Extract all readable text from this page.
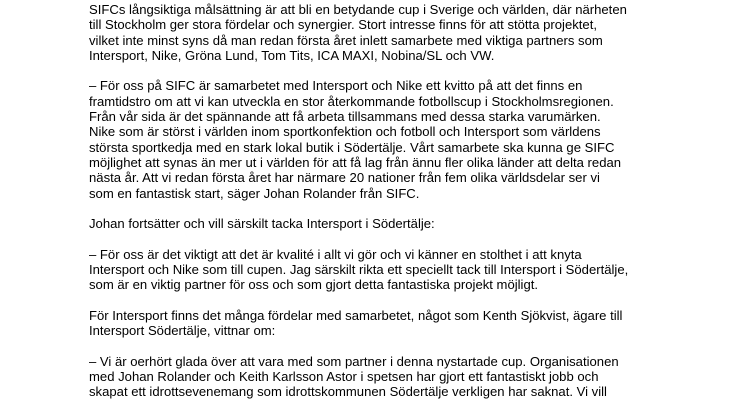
SIFCs långsiktiga målsättning är att bli en betydande cup i Sverige och världen, där närheten
till Stockholm ger stora fördelar och synergier. Stort intresse finns för att stötta projektet,
vilket inte minst syns då man redan första året inlett samarbete med viktiga partners som
Intersport, Nike, Gröna Lund, Tom Tits, ICA MAXI, Nobina/SL och VW.

– För oss på SIFC är samarbetet med Intersport och Nike ett kvitto på att det finns en
framtidstro om att vi kan utveckla en stor återkommande fotbollscup i Stockholmsregionen.
Från vår sida är det spännande att få arbeta tillsammans med dessa starka varumärken.
Nike som är störst i världen inom sportkonfektion och fotboll och Intersport som världens
största sportkedja med en stark lokal butik i Södertälje. Vårt samarbete ska kunna ge SIFC
möjlighet att synas än mer ut i världen för att få lag från ännu fler olika länder att delta redan
nästa år. Att vi redan första året har närmare 20 nationer från fem olika världsdelar ser vi
som en fantastisk start, säger Johan Rolander från SIFC.

Johan fortsätter och vill särskilt tacka Intersport i Södertälje:

– För oss är det viktigt att det är kvalité i allt vi gör och vi känner en stolthet i att knyta
Intersport och Nike som till cupen. Jag särskilt rikta ett speciellt tack till Intersport i Södertälje,
som är en viktig partner för oss och som gjort detta fantastiska projekt möjligt.

För Intersport finns det många fördelar med samarbetet, något som Kenth Sjökvist, ägare till
Intersport Södertälje, vittnar om:

– Vi är oerhört glada över att vara med som partner i denna nystartade cup. Organisationen
med Johan Rolander och Keith Karlsson Astor i spetsen har gjort ett fantastiskt jobb och
skapat ett idrottsevenemang som idrottskommunen Södertälje verkligen har saknat. Vi vill
